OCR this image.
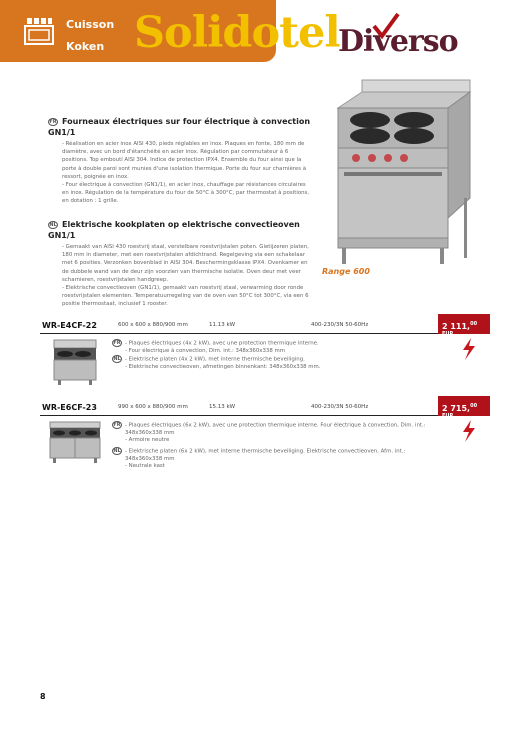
Cuisson
Koken Solidotel
Diverso
FR Fourneaux électriques sur four électrique à convection GN1/1
- Réalisation en acier inox AISI 430, pieds réglables en inox. Plaques en fonte, 180 mm de diamètre, avec un bord d'étanchéité en acier inox. Régulation par commutateur à 6 positions. Top emboutí AISI 304. Indice de protection IPX4. Ensemble du four ainsi que la porte à double paroi sont munies d'une isolation thermique. Porte du four sur charnières à ressort, poignée en inox.
- Four électrique à convection (GN1/1), en acier inox, chauffage par résistances circulaires en inox. Régulation de la température du four de 50°C à 300°C, par thermostat à positions, en dotation : 1 grille.
NL Elektrische kookplaten op elektrische convectieoven GN1/1
- Gemaakt van AISI 430 roestvrij staal, verstelbare roestvrijstalen poten. Gietijzeren platen, 180 mm in diameter, met een roestvrijstalen afdichtrand. Regelgeving via een schakelaar met 6 posities. Verzonken bovenblad in AISI 304. Beschermingsklasse IPX4. Ovenkamer en de dubbele wand van de deur zijn voorzien van thermische isolatie. Oven deur met veer scharnieren, roestvrijstalen handgreep.
- Elektrische convectieoven (GN1/1), gemaakt van roestvrij staal, verwarming door ronde roestvrijstalen elementen. Temperatuurregeling van de oven van 50°C tot 300°C, via een 6 positie thermostaat, inclusief 1 rooster.
Range 600
WR-E4CF-22	600 x 600 x 880/900 mm	11.13 kW	400-230/3N 50-60Hz	2 111,$^{00 EUR}$
FR - Plaques électriques (4x 2 kW), avec une protection thermique interne.
- Four électrique à convection, Dim. int.: 348x360x338 mm
NL - Elektrische platen (4x 2 kW), met interne thermische beveiliging.
- Elektrische convectieoven, afmetingen binnenkant: 348x360x338 mm.
WR-E6CF-23	990 x 600 x 880/900 mm	15.13 kW	400-230/3N 50-60Hz	2 715,$^{00 EUR}$
FR - Plaques électriques (6x 2 kW), avec une protection thermique interne. Four électrique à convection, Dim. int.:
348x360x338 mm
- Armoire neutre
NL - Elektrische platen (6x 2 kW), met interne thermische beveiliging. Elektrische convectieoven, Afm. int.:
348x360x338 mm
- Neutrale kast
8
